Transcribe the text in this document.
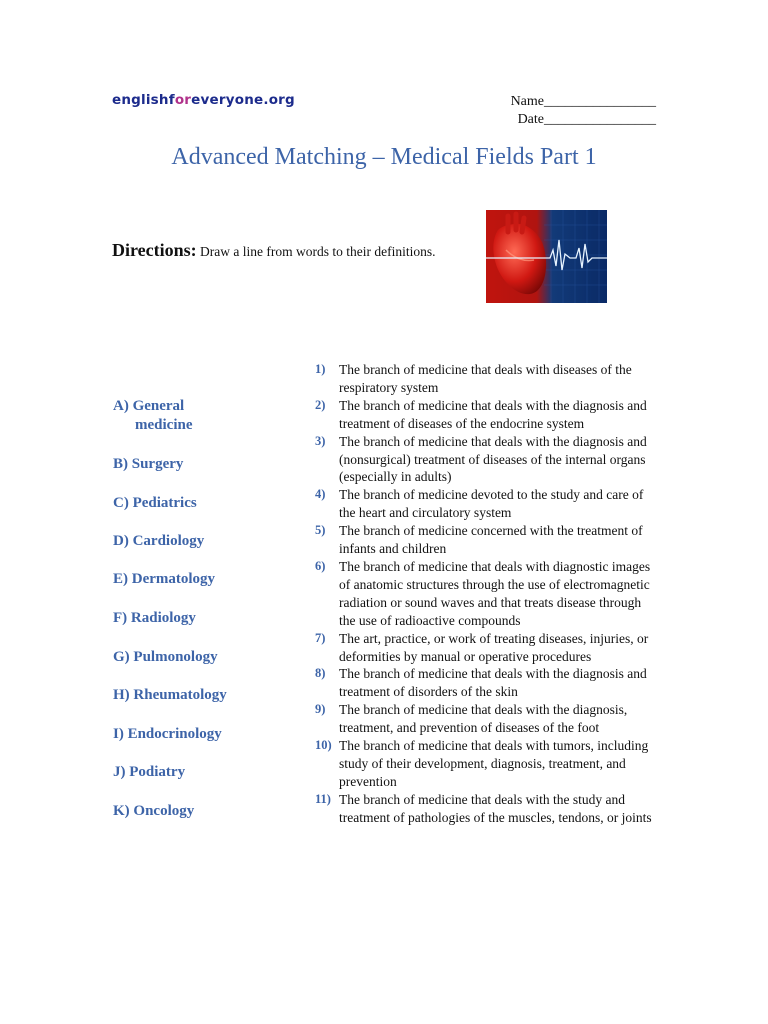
englishforeveryone.org	Name________________
Date________________
Advanced Matching – Medical Fields Part 1
Directions: Draw a line from words to their definitions.
A) General
medicine
B) Surgery
C) Pediatrics
D) Cardiology
E) Dermatology
F) Radiology
G) Pulmonology
H) Rheumatology
I) Endocrinology
J) Podiatry
K) Oncology
1)	The branch of medicine that deals with diseases of the respiratory system
2)	The branch of medicine that deals with the diagnosis and treatment of diseases of the endocrine system
3)	The branch of medicine that deals with the diagnosis and (nonsurgical) treatment of diseases of the internal organs (especially in adults)
4)	The branch of medicine devoted to the study and care of the heart and circulatory system
5)	The branch of medicine concerned with the treatment of infants and children
6)	The branch of medicine that deals with diagnostic images of anatomic structures through the use of electromagnetic radiation or sound waves and that treats disease through the use of radioactive compounds
7)	The art, practice, or work of treating diseases, injuries, or deformities by manual or operative procedures
8)	The branch of medicine that deals with the diagnosis and treatment of disorders of the skin
9)	The branch of medicine that deals with the diagnosis, treatment, and prevention of diseases of the foot
10) The branch of medicine that deals with tumors, including study of their development, diagnosis, treatment, and prevention
11) The branch of medicine that deals with the study and treatment of pathologies of the muscles, tendons, or joints
